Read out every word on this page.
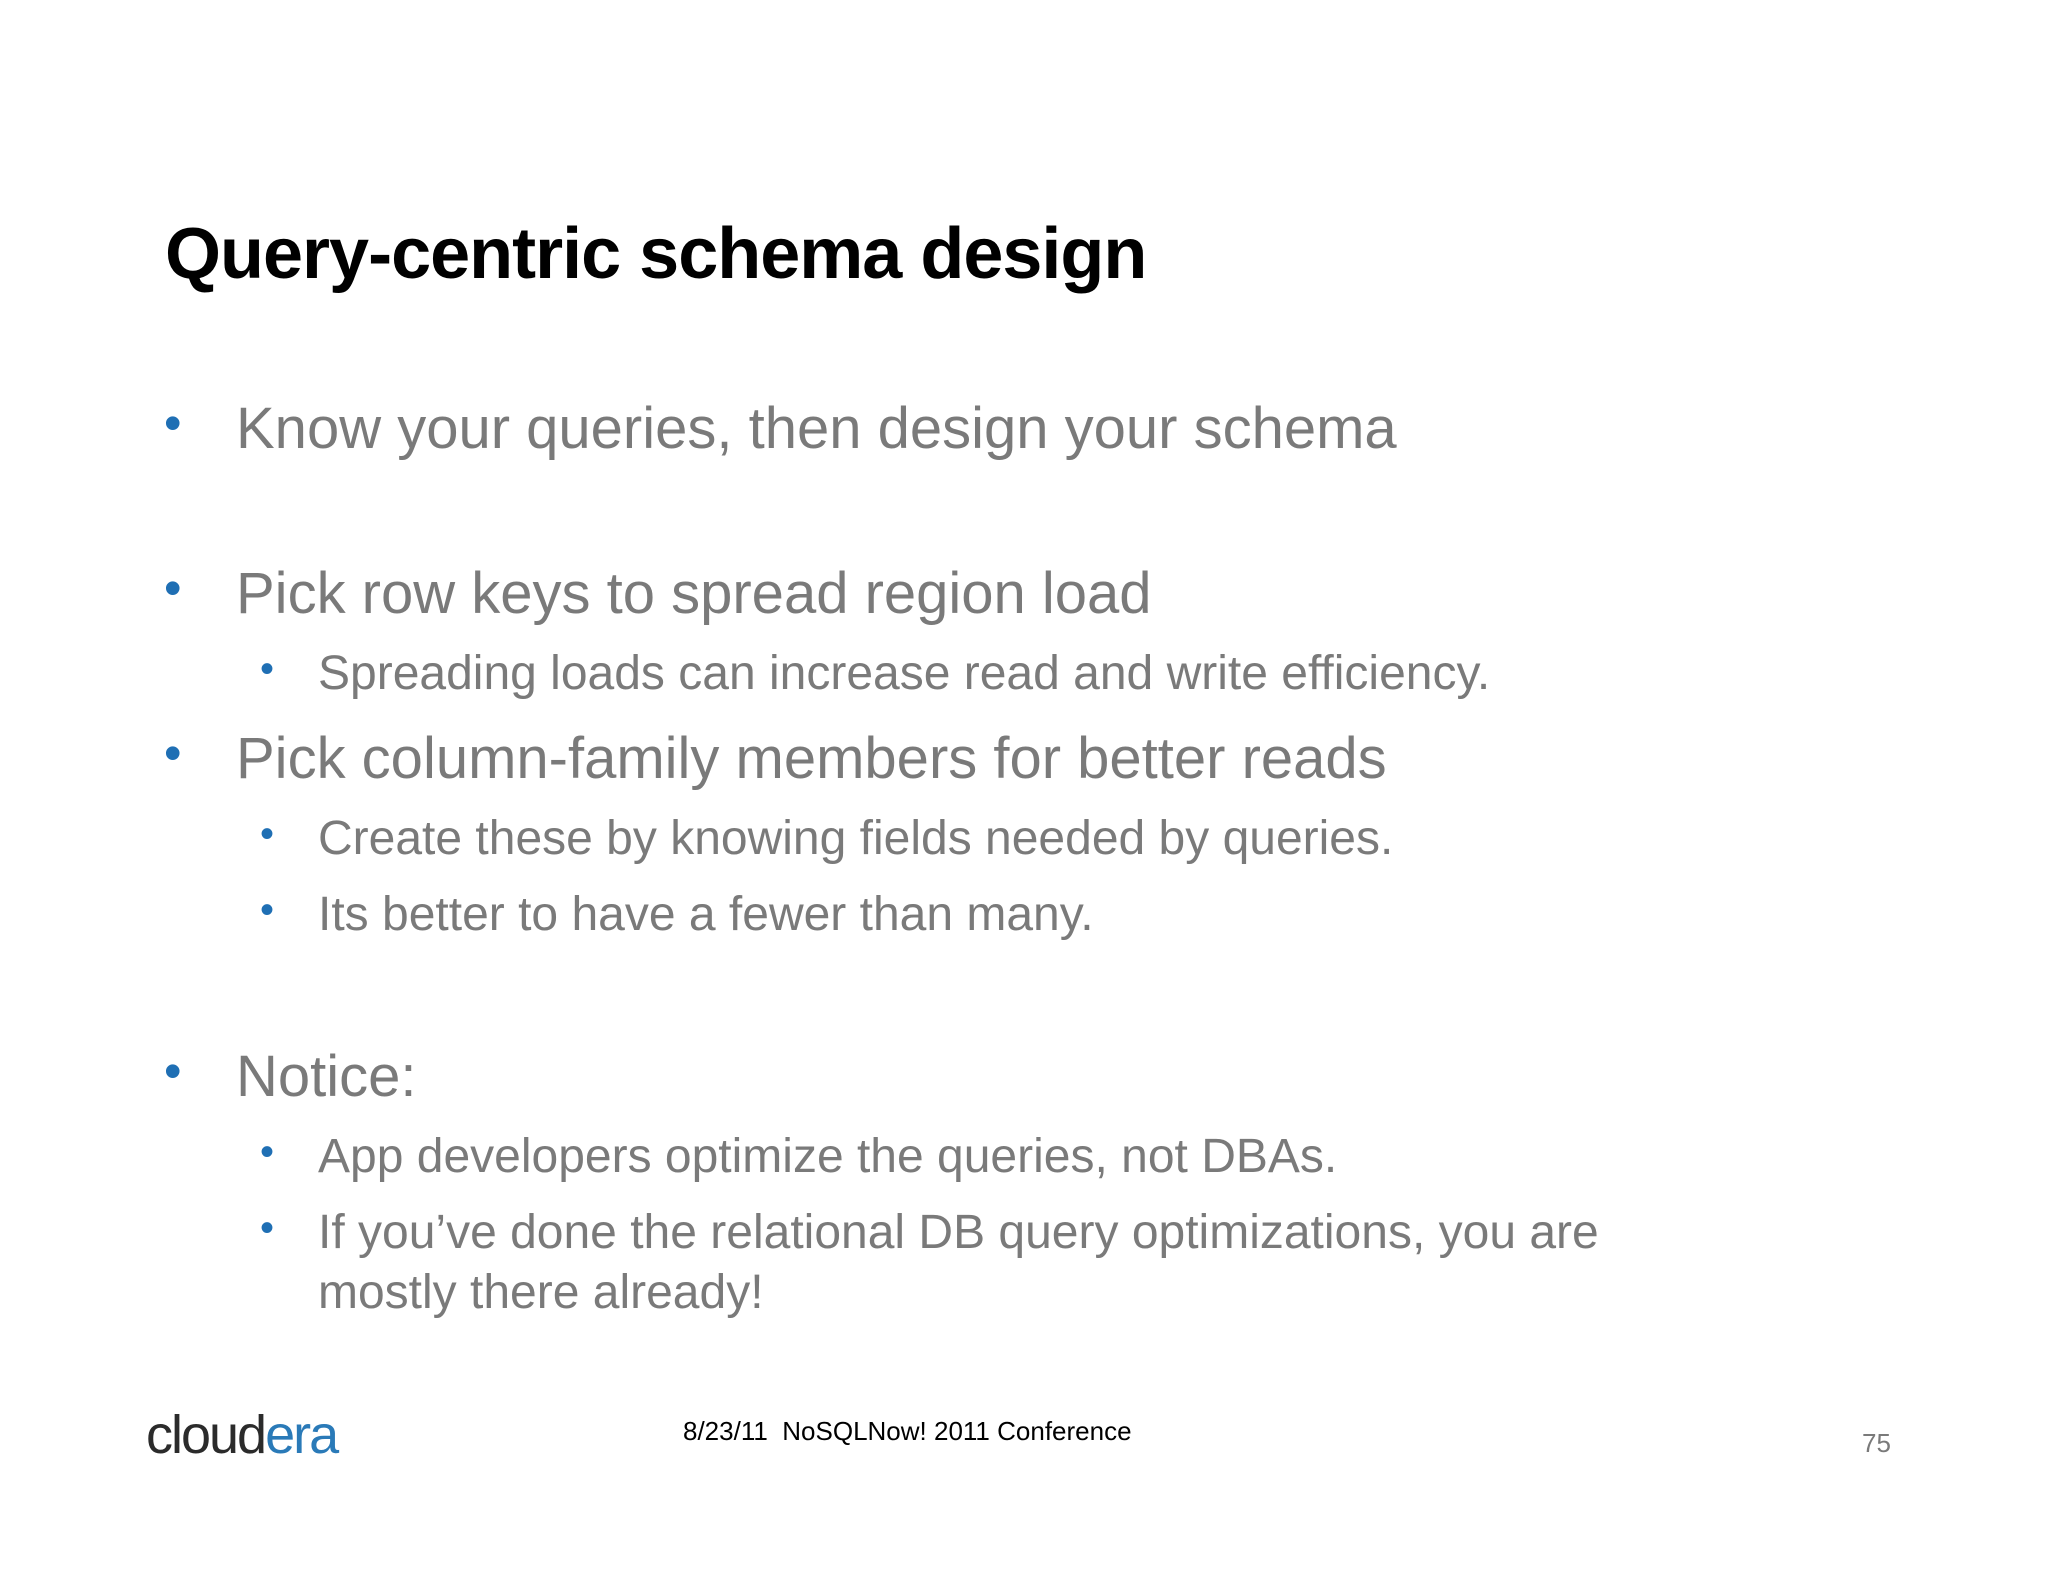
Query-centric schema design
• Know your queries, then design your schema
• Pick row keys to spread region load
• Spreading loads can increase read and write efficiency.
• Pick column-family members for better reads
• Create these by knowing fields needed by queries.
• Its better to have a fewer than many.
• Notice:
• App developers optimize the queries, not DBAs.
• If you’ve done the relational DB query optimizations, you are
mostly there already!
cloudera	8/23/11  NoSQLNow! 2011 Conference	75
